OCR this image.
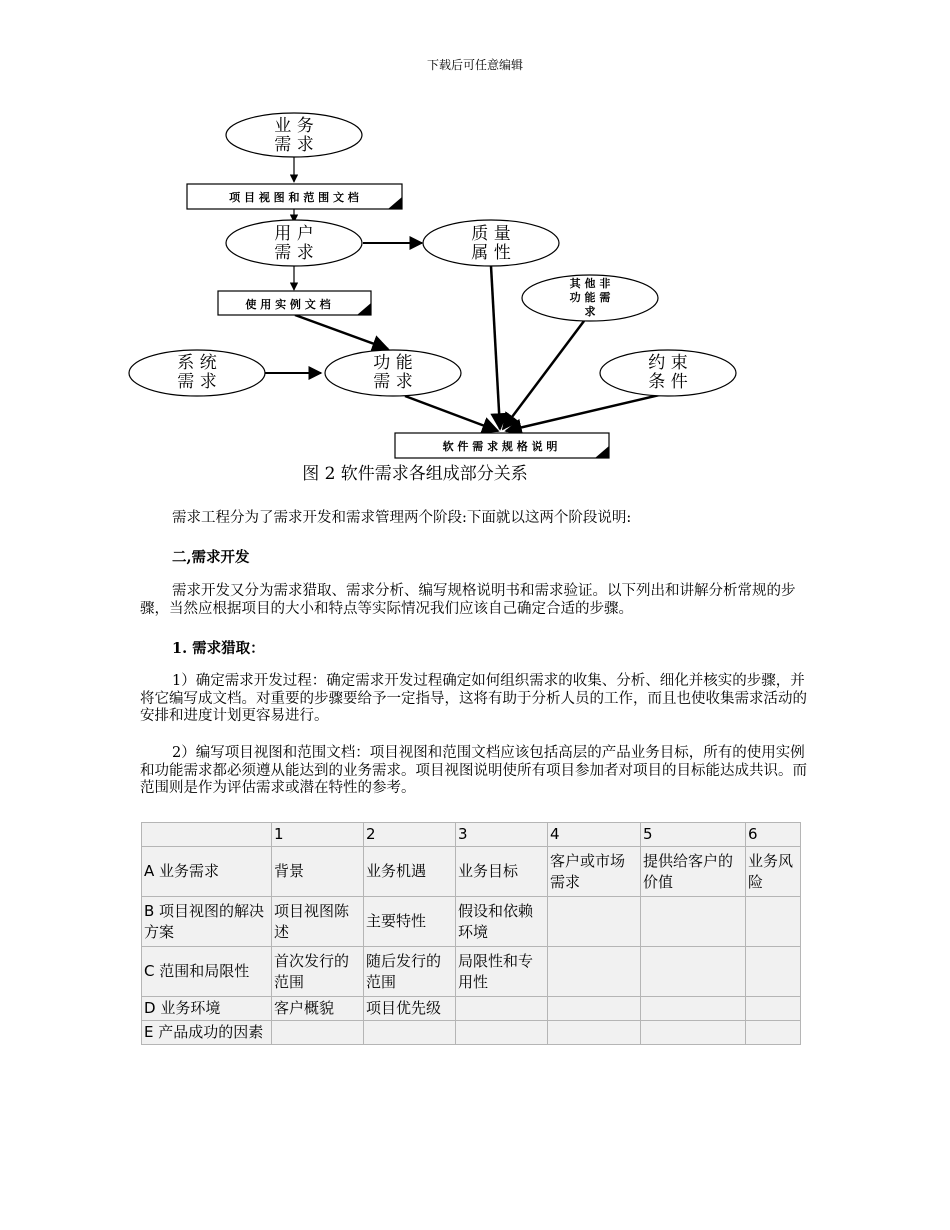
下载后可任意编辑
业 务
需 求
项 目 视 图 和 范 围 文 档
用 户
需 求
质 量
属 性
其 他 非
功 能 需
求
使 用 实 例 文 档
系 统
需 求
功 能
需 求
约 束
条 件
软 件 需 求 规 格 说 明
图 2 软件需求各组成部分关系
需求工程分为了需求开发和需求管理两个阶段:下面就以这两个阶段说明:
二,需求开发
需求开发又分为需求猎取、需求分析、编写规格说明书和需求验证。以下列出和讲解分析常规的步骤，当然应根据项目的大小和特点等实际情况我们应该自己确定合适的步骤。
1. 需求猎取：
1）确定需求开发过程：确定需求开发过程确定如何组织需求的收集、分析、细化并核实的步骤，并将它编写成文档。对重要的步骤要给予一定指导，这将有助于分析人员的工作，而且也使收集需求活动的安排和进度计划更容易进行。
2）编写项目视图和范围文档：项目视图和范围文档应该包括高层的产品业务目标，所有的使用实例和功能需求都必须遵从能达到的业务需求。项目视图说明使所有项目参加者对项目的目标能达成共识。而范围则是作为评估需求或潜在特性的参考。
	1	2	3	4	5	6
A 业务需求	背景	业务机遇	业务目标	客户或市场需求	提供给客户的价值	业务风险
B 项目视图的解决方案	项目视图陈述	主要特性	假设和依赖环境			
C 范围和局限性	首次发行的范围	随后发行的范围	局限性和专用性			
D 业务环境	客户概貌	项目优先级				
E 产品成功的因素						
